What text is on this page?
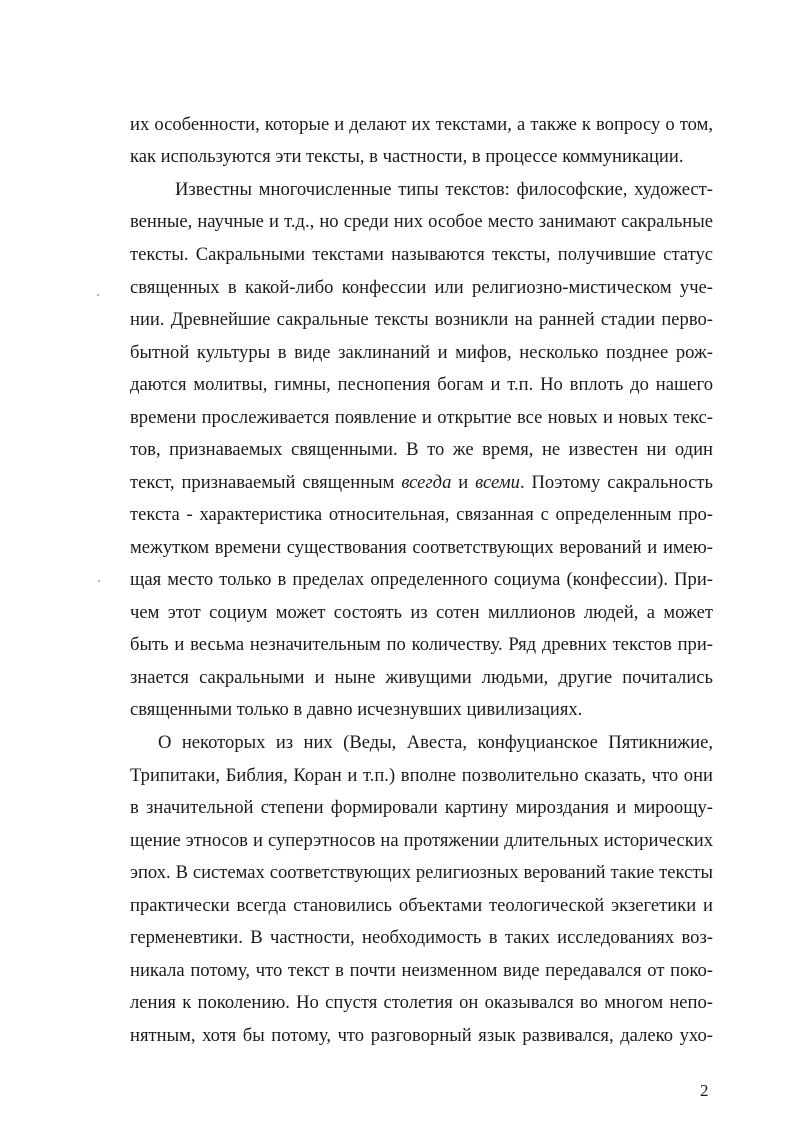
их особенности, которые и делают их текстами, а также к вопросу о том,
как используются эти тексты, в частности, в процессе коммуникации.
Известны многочисленные типы текстов: философские, художест-
венные, научные и т.д., но среди них особое место занимают сакральные
тексты. Сакральными текстами называются тексты, получившие статус
священных в какой-либо конфессии или религиозно-мистическом уче-
нии. Древнейшие сакральные тексты возникли на ранней стадии перво-
бытной культуры в виде заклинаний и мифов, несколько позднее рож-
даются молитвы, гимны, песнопения богам и т.п. Но вплоть до нашего
времени прослеживается появление и открытие все новых и новых текс-
тов, признаваемых священными. В то же время, не известен ни один
текст, признаваемый священным всегда и всеми. Поэтому сакральность
текста - характеристика относительная, связанная с определенным про-
межутком времени существования соответствующих верований и имею-
щая место только в пределах определенного социума (конфессии). При-
чем этот социум может состоять из сотен миллионов людей, а может
быть и весьма незначительным по количеству. Ряд древних текстов при-
знается сакральными и ныне живущими людьми, другие почитались
священными только в давно исчезнувших цивилизациях.
О некоторых из них (Веды, Авеста, конфуцианское Пятикнижие,
Трипитаки, Библия, Коран и т.п.) вполне позволительно сказать, что они
в значительной степени формировали картину мироздания и мироощу-
щение этносов и суперэтносов на протяжении длительных исторических
эпох. В системах соответствующих религиозных верований такие тексты
практически всегда становились объектами теологической экзегетики и
герменевтики. В частности, необходимость в таких исследованиях воз-
никала потому, что текст в почти неизменном виде передавался от поко-
ления к поколению. Но спустя столетия он оказывался во многом непо-
нятным, хотя бы потому, что разговорный язык развивался, далеко ухо-
2
